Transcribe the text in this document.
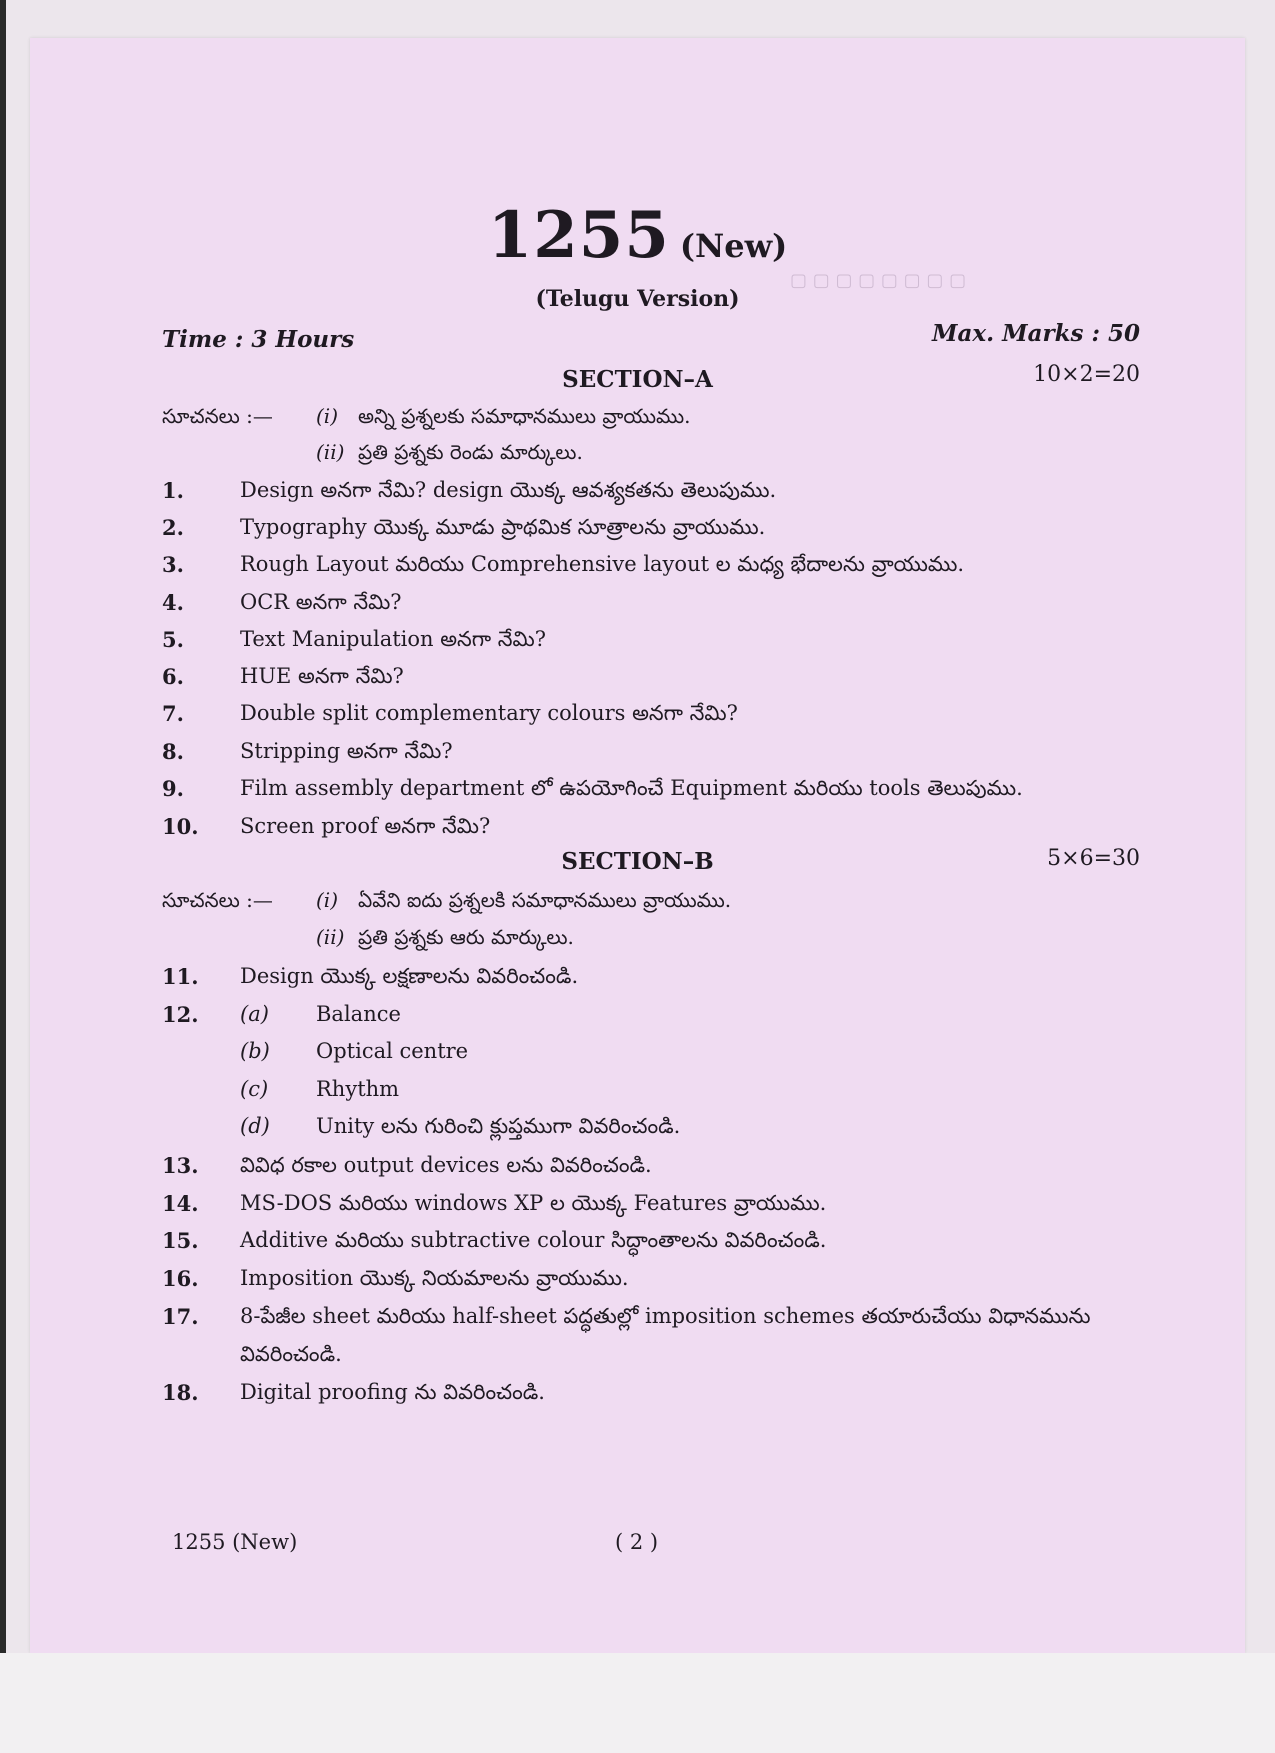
▢ ▢ ▢ ▢ ▢ ▢ ▢ ▢
1255 (New)
(Telugu Version)
Time : 3 Hours	Max. Marks : 50
SECTION–A	10×2=20
సూచనలు :— (i) అన్ని ప్రశ్నలకు సమాధానములు వ్రాయుము.
(ii) ప్రతి ప్రశ్నకు రెండు మార్కులు.
1.	Design అనగా నేమి? design యొక్క ఆవశ్యకతను తెలుపుము.
2.	Typography యొక్క మూడు ప్రాథమిక సూత్రాలను వ్రాయుము.
3.	Rough Layout మరియు Comprehensive layout ల మధ్య భేదాలను వ్రాయుము.
4.	OCR అనగా నేమి?
5.	Text Manipulation అనగా నేమి?
6.	HUE అనగా నేమి?
7.	Double split complementary colours అనగా నేమి?
8.	Stripping అనగా నేమి?
9.	Film assembly department లో ఉపయోగించే Equipment మరియు tools తెలుపుము.
10. Screen proof అనగా నేమి?
SECTION–B	5×6=30
సూచనలు :— (i) ఏవేని ఐదు ప్రశ్నలకి సమాధానములు వ్రాయుము.
(ii) ప్రతి ప్రశ్నకు ఆరు మార్కులు.
11. Design యొక్క లక్షణాలను వివరించండి.
12. (a) Balance
(b) Optical centre
(c) Rhythm
(d) Unity లను గురించి క్లుప్తముగా వివరించండి.
13. వివిధ రకాల output devices లను వివరించండి.
14. MS-DOS మరియు windows XP ల యొక్క Features వ్రాయుము.
15. Additive మరియు subtractive colour సిద్ధాంతాలను వివరించండి.
16. Imposition యొక్క నియమాలను వ్రాయుము.
17. 8-పేజీల sheet మరియు half-sheet పద్ధతుల్లో imposition schemes తయారుచేయు విధానమును
వివరించండి.
18. Digital proofing ను వివరించండి.
1255 (New)	( 2 )
